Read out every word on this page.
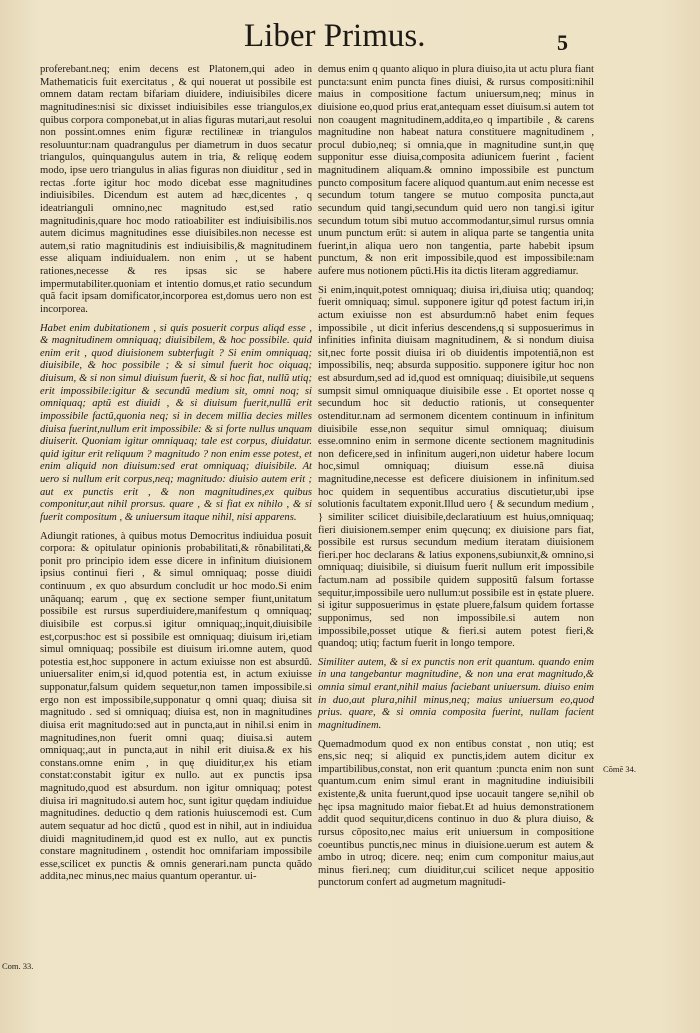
Liber Primus.	5

proferebant.neq; enim decens est Platonem,qui adeo in Mathematicis fuit exercitatus , & qui nouerat ut possibile est omnem datam rectam bifariam diuidere, indiuisibiles dicere magnitudines:nisi sic dixisset indiuisibiles esse triangulos,ex quibus corpora componebat,ut in alias figuras mutari,aut resolui non possint.omnes enim figuræ rectilineæ in triangulos resoluuntur:nam quadrangulus per diametrum in duos secatur triangulos, quinquangulus autem in tria, & reliquę eodem modo, ipse uero triangulus in alias figuras non diuiditur , sed in rectas .forte igitur hoc modo dicebat esse magnitudines indiuisibiles. Dicendum est autem ad hæc,dicentes , q ideatrianguli omnino,nec magnitudo est,sed ratio magnitudinis,quare hoc modo ratioabiliter est indiuisibilis.nos autem dicimus magnitudines esse diuisibiles.non necesse est autem,si ratio magnitudinis est indiuisibilis,& magnitudinem esse aliquam indiuidualem. non enim , ut se habent rationes,necesse & res ipsas sic se habere impermutabiliter.quoniam et intentio domus,et ratio secundum quã facit ipsam domificator,incorporea est,domus uero non est incorporea.

Habet enim dubitationem , si quis posuerit corpus aliqd esse , & magnitudinem omniquaq; diuisibilem, & hoc possibile. quid enim erit , quod diuisionem subterfugit ? Si enim omniquaq; diuisibile, & hoc possibile ; & si simul fuerit hoc oiquaq; diuisum, & si non simul diuisum fuerit, & si hoc fiat, nullũ utiq; erit impossibile:igitur & secundũ medium sit, omni noq; si omniquaq; aptũ est diuidi , & si diuisum fuerit,nullũ erit impossibile factũ,quonia neq; si in decem millia decies milles diuisa fuerint,nullum erit impossibile: & si forte nullus unquam diuiserit. Quoniam igitur omniquaq; tale est corpus, diuidatur. quid igitur erit reliquum ? magnitudo ? non enim esse potest, et enim aliquid non diuisum:sed erat omniquaq; diuisibile. At uero si nullum erit corpus,neq; magnitudo: diuisio autem erit ; aut ex punctis erit , & non magnitudines,ex quibus componitur,aut nihil prorsus. quare , & si fiat ex nihilo , & si fuerit compositum , & uniuersum itaque nihil, nisi apparens.

Adiungit rationes, à quibus motus Democritus indiuidua posuit corpora: & opitulatur opinionis probabilitati,& rõnabilitati,& ponit pro principio idem esse dicere in infinitum diuisionem ipsius continui fieri , & simul omniquaq; posse diuidi continuum , ex quo absurdum concludit ur hoc modo.Si enim unãquanq; earum , quę ex sectione semper fiunt,unitatum possibile est rursus superdiuidere,manifestum q omniquaq; diuisibile est corpus.si igitur omniquaq;,inquit,diuisibile est,corpus:hoc est si possibile est omniquaq; diuisum iri,etiam simul omniquaq; possibile est diuisum iri.omne autem, quod potestia est,hoc supponere in actum exiuisse non est absurdũ. uniuersaliter enim,si id,quod potentia est, in actum exiuisse supponatur,falsum quidem sequetur,non tamen impossibile.si ergo non est impossibile,supponatur q omni quaq; diuisa sit magnitudo . sed si omniquaq; diuisa est, non in magnitudines diuisa erit magnitudo:sed aut in puncta,aut in nihil.si enim in magnitudines,non fuerit omni quaq; diuisa.si autem omniquaq;,aut in puncta,aut in nihil erit diuisa.& ex his constans.omne enim , in quę diuiditur,ex his etiam constat:constabit igitur ex nullo. aut ex punctis ipsa magnitudo,quod est absurdum. non igitur omniquaq; potest diuisa iri magnitudo.si autem hoc, sunt igitur quędam indiuidue magnitudines. deductio q dem rationis huiuscemodi est. Cum autem sequatur ad hoc dictũ , quod est in nihil, aut in indiuidua diuidi magnitudinem,id quod est ex nullo, aut ex punctis constare magnitudinem , ostendit hoc omnifariam impossibile esse,scilicet ex punctis & omnis generari.nam puncta quãdo addita,nec minus,nec maius quantum operantur. ui-

demus enim q quanto aliquo in plura diuiso,ita ut actu plura fiant puncta:sunt enim puncta fines diuisi, & rursus compositi:nihil maius in compositione factum uniuersum,neq; minus in diuisione eo,quod prius erat,antequam esset diuisum.si autem tot non coaugent magnitudinem,addita,eo q impartibile , & carens magnitudine non habeat natura constituere magnitudinem , procul dubio,neq; si omnia,que in magnitudine sunt,in quę supponitur esse diuisa,composita adiunicem fuerint , facient magnitudinem aliquam.& omnino impossibile est punctum puncto compositum facere aliquod quantum.aut enim necesse est secundum totum tangere se mutuo composita puncta,aut secundum quid tangi,secundum quid uero non tangi.si igitur secundum totum sibi mutuo accommodantur,simul rursus omnia unum punctum erũt: si autem in aliqua parte se tangentia unita fuerint,in aliqua uero non tangentia, parte habebit ipsum punctum, & non erit impossibile,quod est impossibile:nam aufere mus notionem pũcti.His ita dictis literam aggrediamur.

Si enim,inquit,potest omniquaq; diuisa iri,diuisa utiq; quandoq; fuerit omniquaq; simul. supponere igitur qđ potest factum iri,in actum exiuisse non est absurdum:nõ habet enim feques impossibile , ut dicit inferius descendens,q si supposuerimus in infinities infinita diuisam magnitudinem, & si nondum diuisa sit,nec forte possit diuisa iri ob diuidentis impotentiã,non est impossibilis, neq; absurda suppositio. supponere igitur hoc non est absurdum,sed ad id,quod est omniquaq; diuisibile,ut sequens sumpsit simul omniquaque diuisibile esse . Et oportet nosse q secundum hoc sit deductio rationis, ut consequenter ostenditur.nam ad sermonem dicentem continuum in infinitum diuisibile esse,non sequitur simul omniquaq; diuisum esse.omnino enim in sermone dicente sectionem magnitudinis non deficere,sed in infinitum augeri,non uidetur habere locum hoc,simul omniquaq; diuisum esse.nã diuisa magnitudine,necesse est deficere diuisionem in infinitum.sed hoc quidem in sequentibus accuratius discutietur,ubi ipse solutionis facultatem exponit.Illud uero { & secundum medium , } similiter scilicet diuisibile,declaratiuum est huius,omniquaq; fieri diuisionem.semper enim quęcunq; ex diuisione pars fiat, possibile est rursus secundum medium iteratam diuisionem fieri.per hoc declarans & latius exponens,subiunxit,& omnino,si omniquaq; diuisibile, si diuisum fuerit nullum erit impossibile factum.nam ad possibile quidem suppositũ falsum fortasse sequitur,impossibile uero nullum:ut possibile est in ęstate pluere. si igitur supposuerimus in ęstate pluere,falsum quidem fortasse supponimus, sed non impossibile.si autem non impossibile,posset utique & fieri.si autem potest fieri,& quandoq; utiq; factum fuerit in longo tempore.

Similiter autem, & si ex punctis non erit quantum. quando enim in una tangebantur magnitudine, & non una erat magnitudo,& omnia simul erant,nihil maius faciebant uniuersum. diuiso enim in duo,aut plura,nihil minus,neq; maius uniuersum eo,quod prius. quare, & si omnia composita fuerint, nullam facient magnitudinem.

Quemadmodum quod ex non entibus constat , non utiq; est ens,sic neq; si aliquid ex punctis,idem autem dicitur ex impartibilibus,constat, non erit quantum :puncta enim non sunt quantum.cum enim simul erant in magnitudine indiuisibili existente,& unita fuerunt,quod ipse uocauit tangere se,nihil ob hęc ipsa magnitudo maior fiebat.Et ad huius demonstrationem addit quod sequitur,dicens continuo in duo & plura diuiso, & rursus cõposito,nec maius erit uniuersum in compositione coeuntibus punctis,nec minus in diuisione.uerum est autem & ambo in utroq; dicere. neq; enim cum componitur maius,aut minus fieri.neq; cum diuiditur,cui scilicet neque appositio punctorum confert ad augmetum magnitudi-

Com. 33.
Cõmē 34.
